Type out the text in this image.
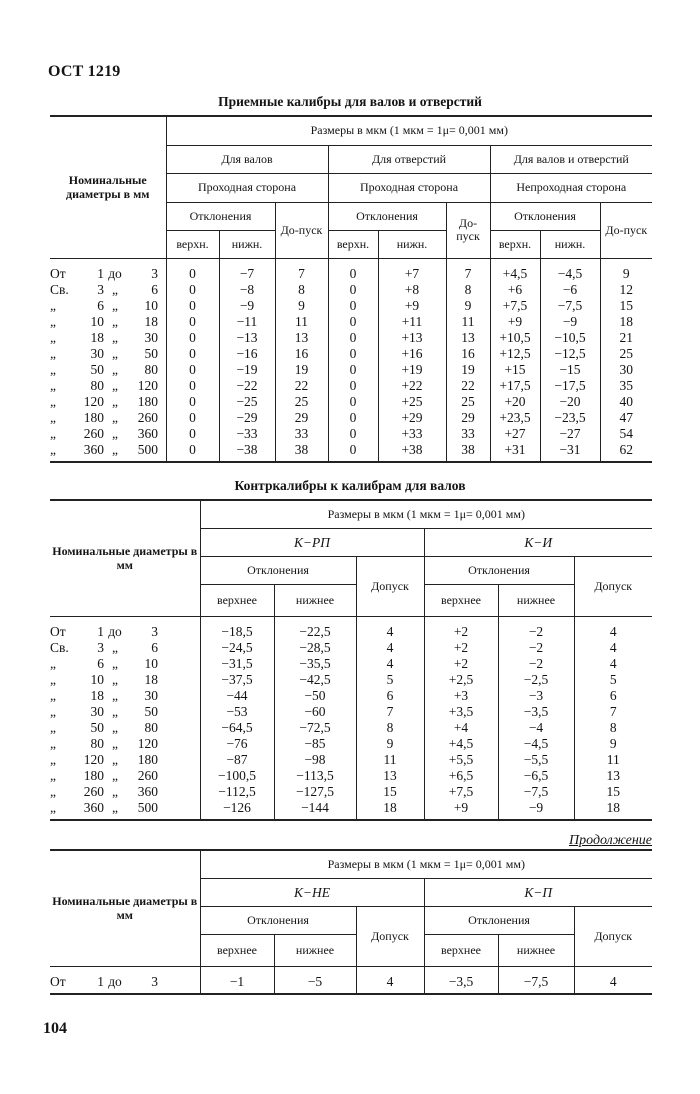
ОСТ 1219
Приемные калибры для валов и отверстий
Номинальные диаметры в мм	Размеры в мкм (1 мкм = 1μ= 0,001 мм)								
	Для валов			Для отверстий			Для валов и отверстий		
	Проходная сторона			Проходная сторона			Непроходная сторона		
	Отклонения		До-пуск	Отклонения		До-пуск	Отклонения		До-пуск
	верхн.	нижн.		верхн.	нижн.		верхн.	нижн.	
От 1 до 3	0	−7	7	0	+7	7	+4,5	−4,5	9
Св. 3 „ 6	0	−8	8	0	+8	8	+6	−6	12
„ 6 „ 10	0	−9	9	0	+9	9	+7,5	−7,5	15
„ 10 „ 18	0	−11	11	0	+11	11	+9	−9	18
„ 18 „ 30	0	−13	13	0	+13	13	+10,5	−10,5	21
„ 30 „ 50	0	−16	16	0	+16	16	+12,5	−12,5	25
„ 50 „ 80	0	−19	19	0	+19	19	+15	−15	30
„ 80 „ 120	0	−22	22	0	+22	22	+17,5	−17,5	35
„ 120 „ 180	0	−25	25	0	+25	25	+20	−20	40
„ 180 „ 260	0	−29	29	0	+29	29	+23,5	−23,5	47
„ 260 „ 360	0	−33	33	0	+33	33	+27	−27	54
„ 360 „ 500	0	−38	38	0	+38	38	+31	−31	62
Контркалибры к калибрам для валов
Номинальные диаметры в мм	Размеры в мкм (1 мкм = 1μ= 0,001 мм)					
	К−РП			К−И		
	Отклонения		Допуск	Отклонения		Допуск
	верхнее	нижнее		верхнее	нижнее	
От 1 до 3	−18,5	−22,5	4	+2	−2	4
Св. 3 „ 6	−24,5	−28,5	4	+2	−2	4
„ 6 „ 10	−31,5	−35,5	4	+2	−2	4
„ 10 „ 18	−37,5	−42,5	5	+2,5	−2,5	5
„ 18 „ 30	−44	−50	6	+3	−3	6
„ 30 „ 50	−53	−60	7	+3,5	−3,5	7
„ 50 „ 80	−64,5	−72,5	8	+4	−4	8
„ 80 „ 120	−76	−85	9	+4,5	−4,5	9
„ 120 „ 180	−87	−98	11	+5,5	−5,5	11
„ 180 „ 260	−100,5	−113,5	13	+6,5	−6,5	13
„ 260 „ 360	−112,5	−127,5	15	+7,5	−7,5	15
„ 360 „ 500	−126	−144	18	+9	−9	18
Продолжение
Номинальные диаметры в мм	Размеры в мкм (1 мкм = 1μ= 0,001 мм)					
	К−НЕ			К−П		
	Отклонения		Допуск	Отклонения		Допуск
	верхнее	нижнее		верхнее	нижнее	
От 1 до 3	−1	−5	4	−3,5	−7,5	4
104
